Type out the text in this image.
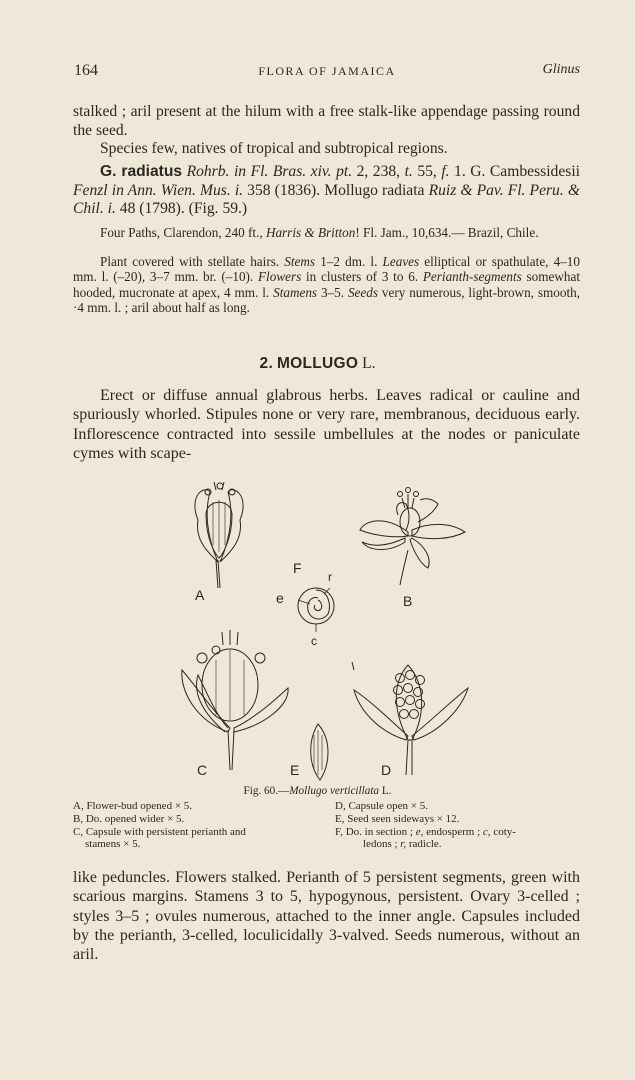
164	FLORA OF JAMAICA	Glinus

stalked ; aril present at the hilum with a free stalk-like appendage passing round the seed.

Species few, natives of tropical and subtropical regions.

G. radiatus Rohrb. in Fl. Bras. xiv. pt. 2, 238, t. 55, f. 1. G. Cambessidesii Fenzl in Ann. Wien. Mus. i. 358 (1836). Mollugo radiata Ruiz & Pav. Fl. Peru. & Chil. i. 48 (1798). (Fig. 59.)

Four Paths, Clarendon, 240 ft., Harris & Britton! Fl. Jam., 10,634.— Brazil, Chile.

Plant covered with stellate hairs. Stems 1–2 dm. l. Leaves elliptical or spathulate, 4–10 mm. l. (–20), 3–7 mm. br. (–10). Flowers in clusters of 3 to 6. Perianth-segments somewhat hooded, mucronate at apex, 4 mm. l. Stamens 3–5. Seeds very numerous, light-brown, smooth, ·4 mm. l. ; aril about half as long.

2. MOLLUGO L.

Erect or diffuse annual glabrous herbs. Leaves radical or cauline and spuriously whorled. Stipules none or very rare, membranous, deciduous early. Inflorescence contracted into sessile umbellules at the nodes or paniculate cymes with scape-

A	B
F
e
r
c
C	E	D
Fig. 60.—Mollugo verticillata L.
A, Flower-bud opened × 5.
B, Do. opened wider × 5.
C, Capsule with persistent perianth and
stamens × 5.
D, Capsule open × 5.
E, Seed seen sideways × 12.
F, Do. in section ; e, endosperm ; c, coty-
ledons ; r, radicle.

like peduncles. Flowers stalked. Perianth of 5 persistent segments, green with scarious margins. Stamens 3 to 5, hypogynous, persistent. Ovary 3-celled ; styles 3–5 ; ovules numerous, attached to the inner angle. Capsules included by the perianth, 3-celled, loculicidally 3-valved. Seeds numerous, without an aril.
